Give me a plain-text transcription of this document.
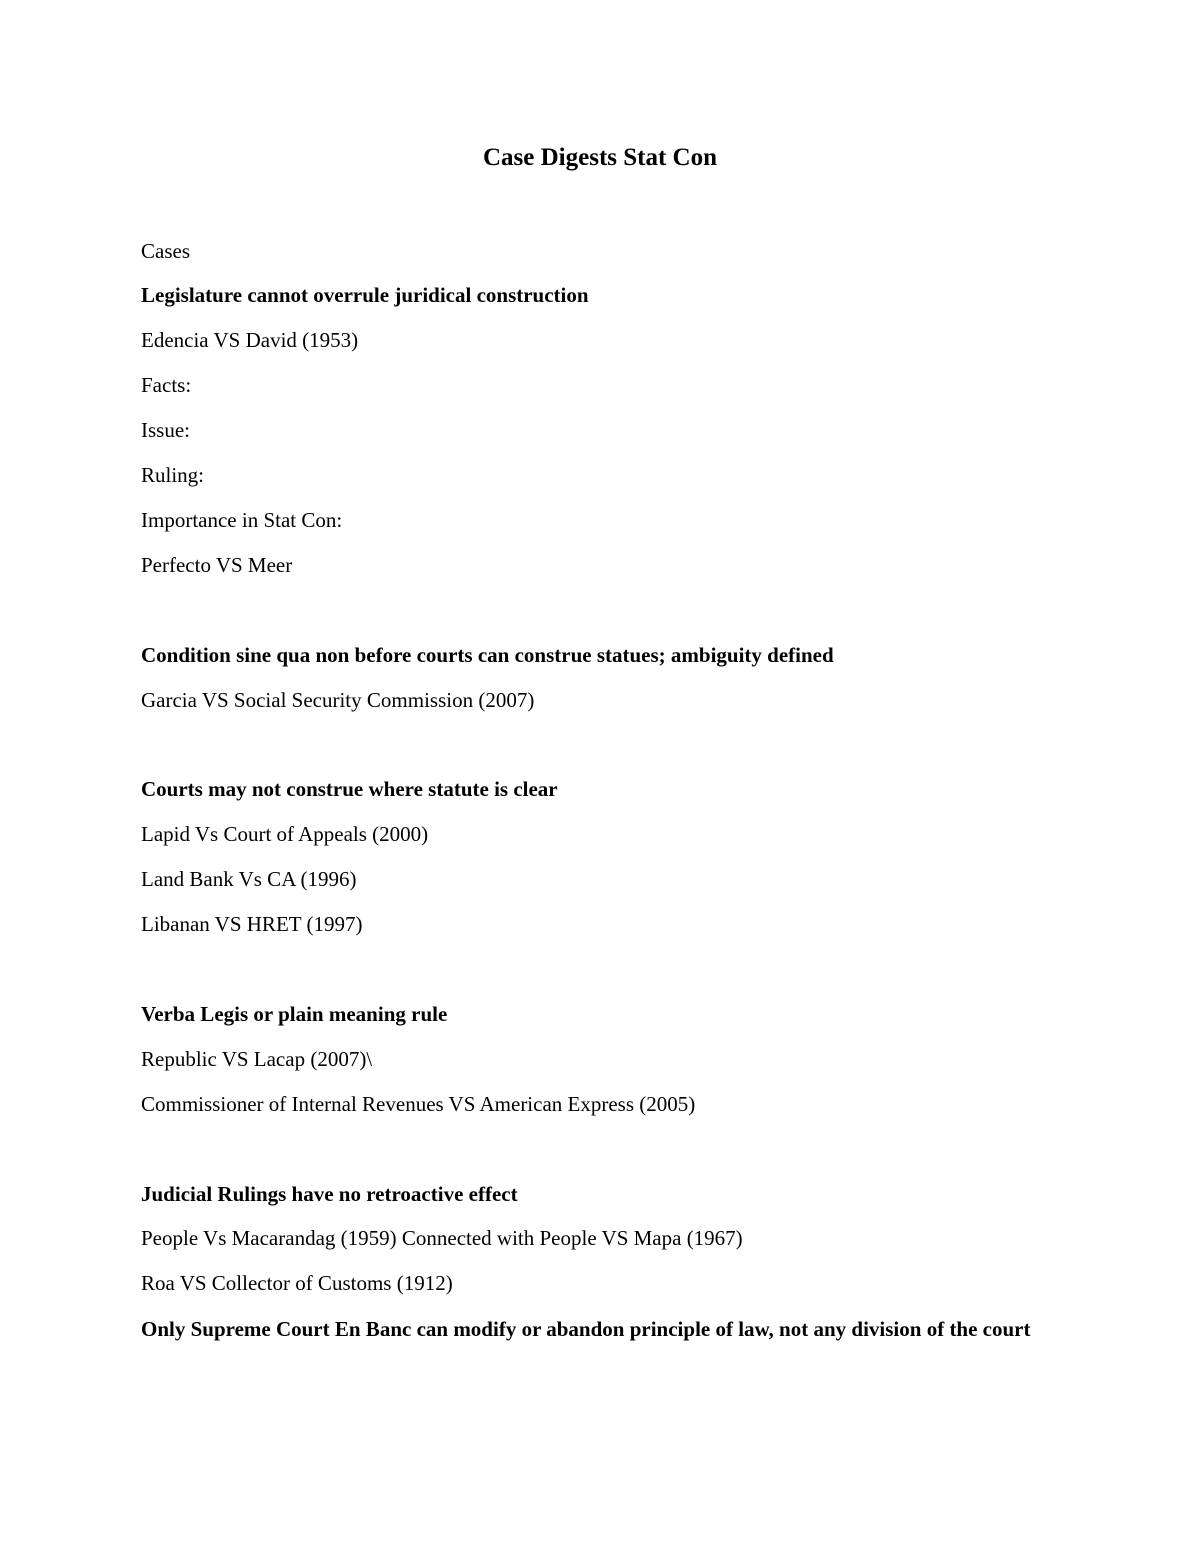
Case Digests Stat Con

Cases

Legislature cannot overrule juridical construction

Edencia VS David (1953)

Facts:

Issue:

Ruling:

Importance in Stat Con:

Perfecto VS Meer

Condition sine qua non before courts can construe statues; ambiguity defined

Garcia VS Social Security Commission (2007)

Courts may not construe where statute is clear

Lapid Vs Court of Appeals (2000)

Land Bank Vs CA (1996)

Libanan VS HRET (1997)

Verba Legis or plain meaning rule

Republic VS Lacap (2007)\

Commissioner of Internal Revenues VS American Express (2005)

Judicial Rulings have no retroactive effect

People Vs Macarandag (1959) Connected with People VS Mapa (1967)

Roa VS Collector of Customs (1912)

Only Supreme Court En Banc can modify or abandon principle of law, not any division of the court
